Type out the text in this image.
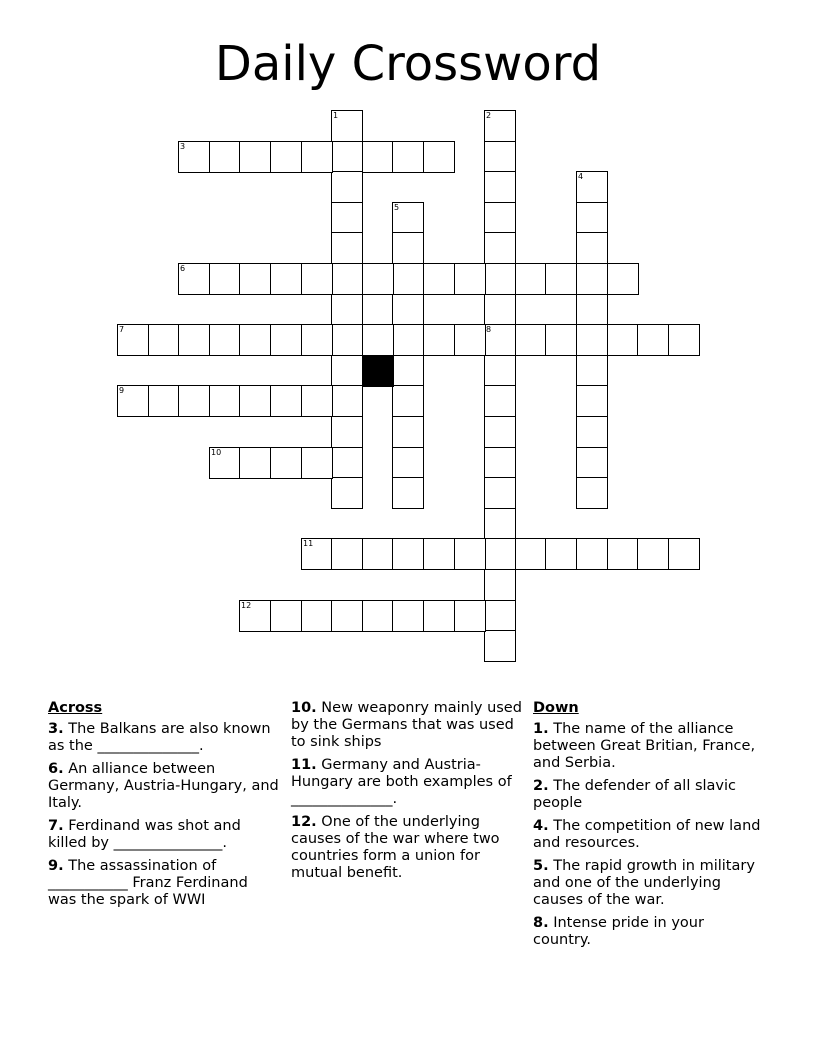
Daily Crossword
1	2
3
4
5
6
7	8
9
10
11
12
Across
3. The Balkans are also known as the ______________.
6. An alliance between Germany, Austria-Hungary, and Italy.
7. Ferdinand was shot and killed by _______________.
9. The assassination of ___________ Franz Ferdinand was the spark of WWI
10. New weaponry mainly used by the Germans that was used to sink ships
11. Germany and Austria-Hungary are both examples of ______________.
12. One of the underlying causes of the war where two countries form a union for mutual benefit.
Down
1. The name of the alliance between Great Britian, France, and Serbia.
2. The defender of all slavic people
4. The competition of new land and resources.
5. The rapid growth in military and one of the underlying causes of the war.
8. Intense pride in your country.
